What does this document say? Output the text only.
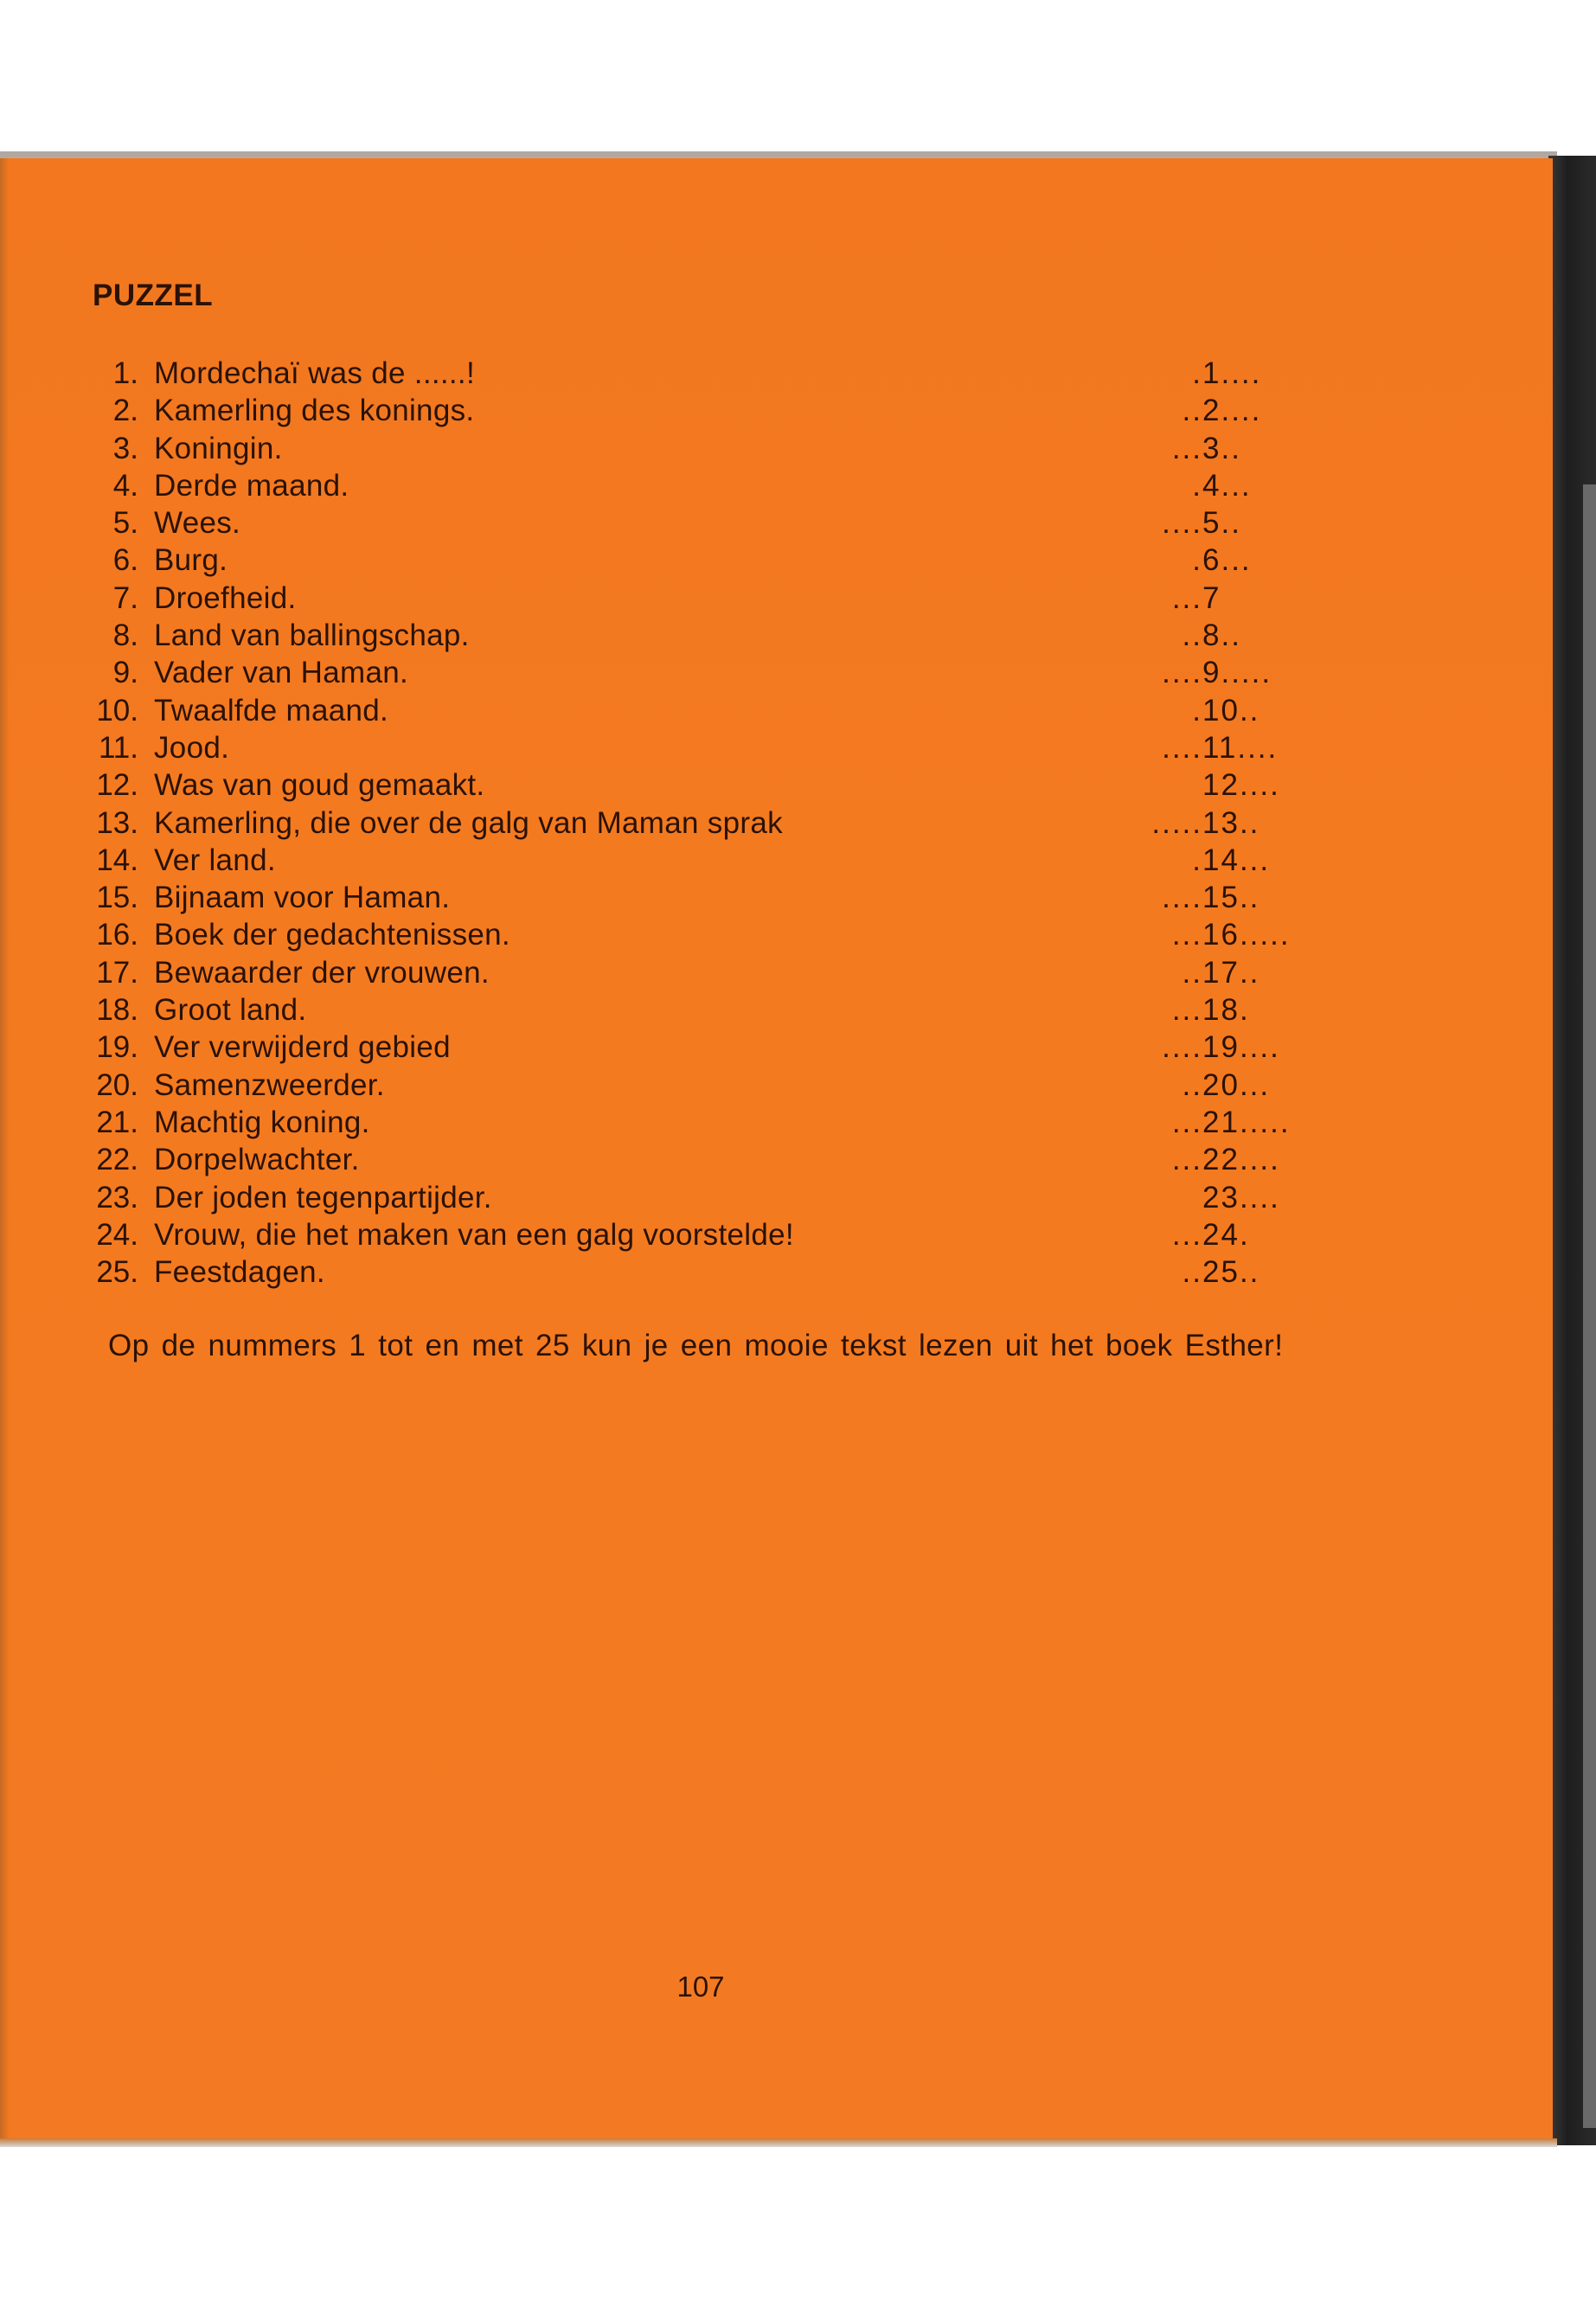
PUZZEL
1. Mordechaï was de ......!	.1....
2. Kamerling des konings.	..2....
3. Koningin.	...3..
4. Derde maand.	.4...
5. Wees.	....5..
6. Burg.	.6...
7. Droefheid.	...7
8. Land van ballingschap.	..8..
9. Vader van Haman.	....9.....
10. Twaalfde maand.	.10..
11. Jood.	....11....
12. Was van goud gemaakt.	12....
13. Kamerling, die over de galg van Maman sprak	.....13..
14. Ver land.	.14...
15. Bijnaam voor Haman.	....15..
16. Boek der gedachtenissen.	...16.....
17. Bewaarder der vrouwen.	..17..
18. Groot land.	...18.
19. Ver verwijderd gebied	....19....
20. Samenzweerder.	..20...
21. Machtig koning.	...21.....
22. Dorpelwachter.	...22....
23. Der joden tegenpartijder.	23....
24. Vrouw, die het maken van een galg voorstelde!	...24.
25. Feestdagen.	..25..

Op de nummers 1 tot en met 25 kun je een mooie tekst lezen uit het boek Esther!

107
